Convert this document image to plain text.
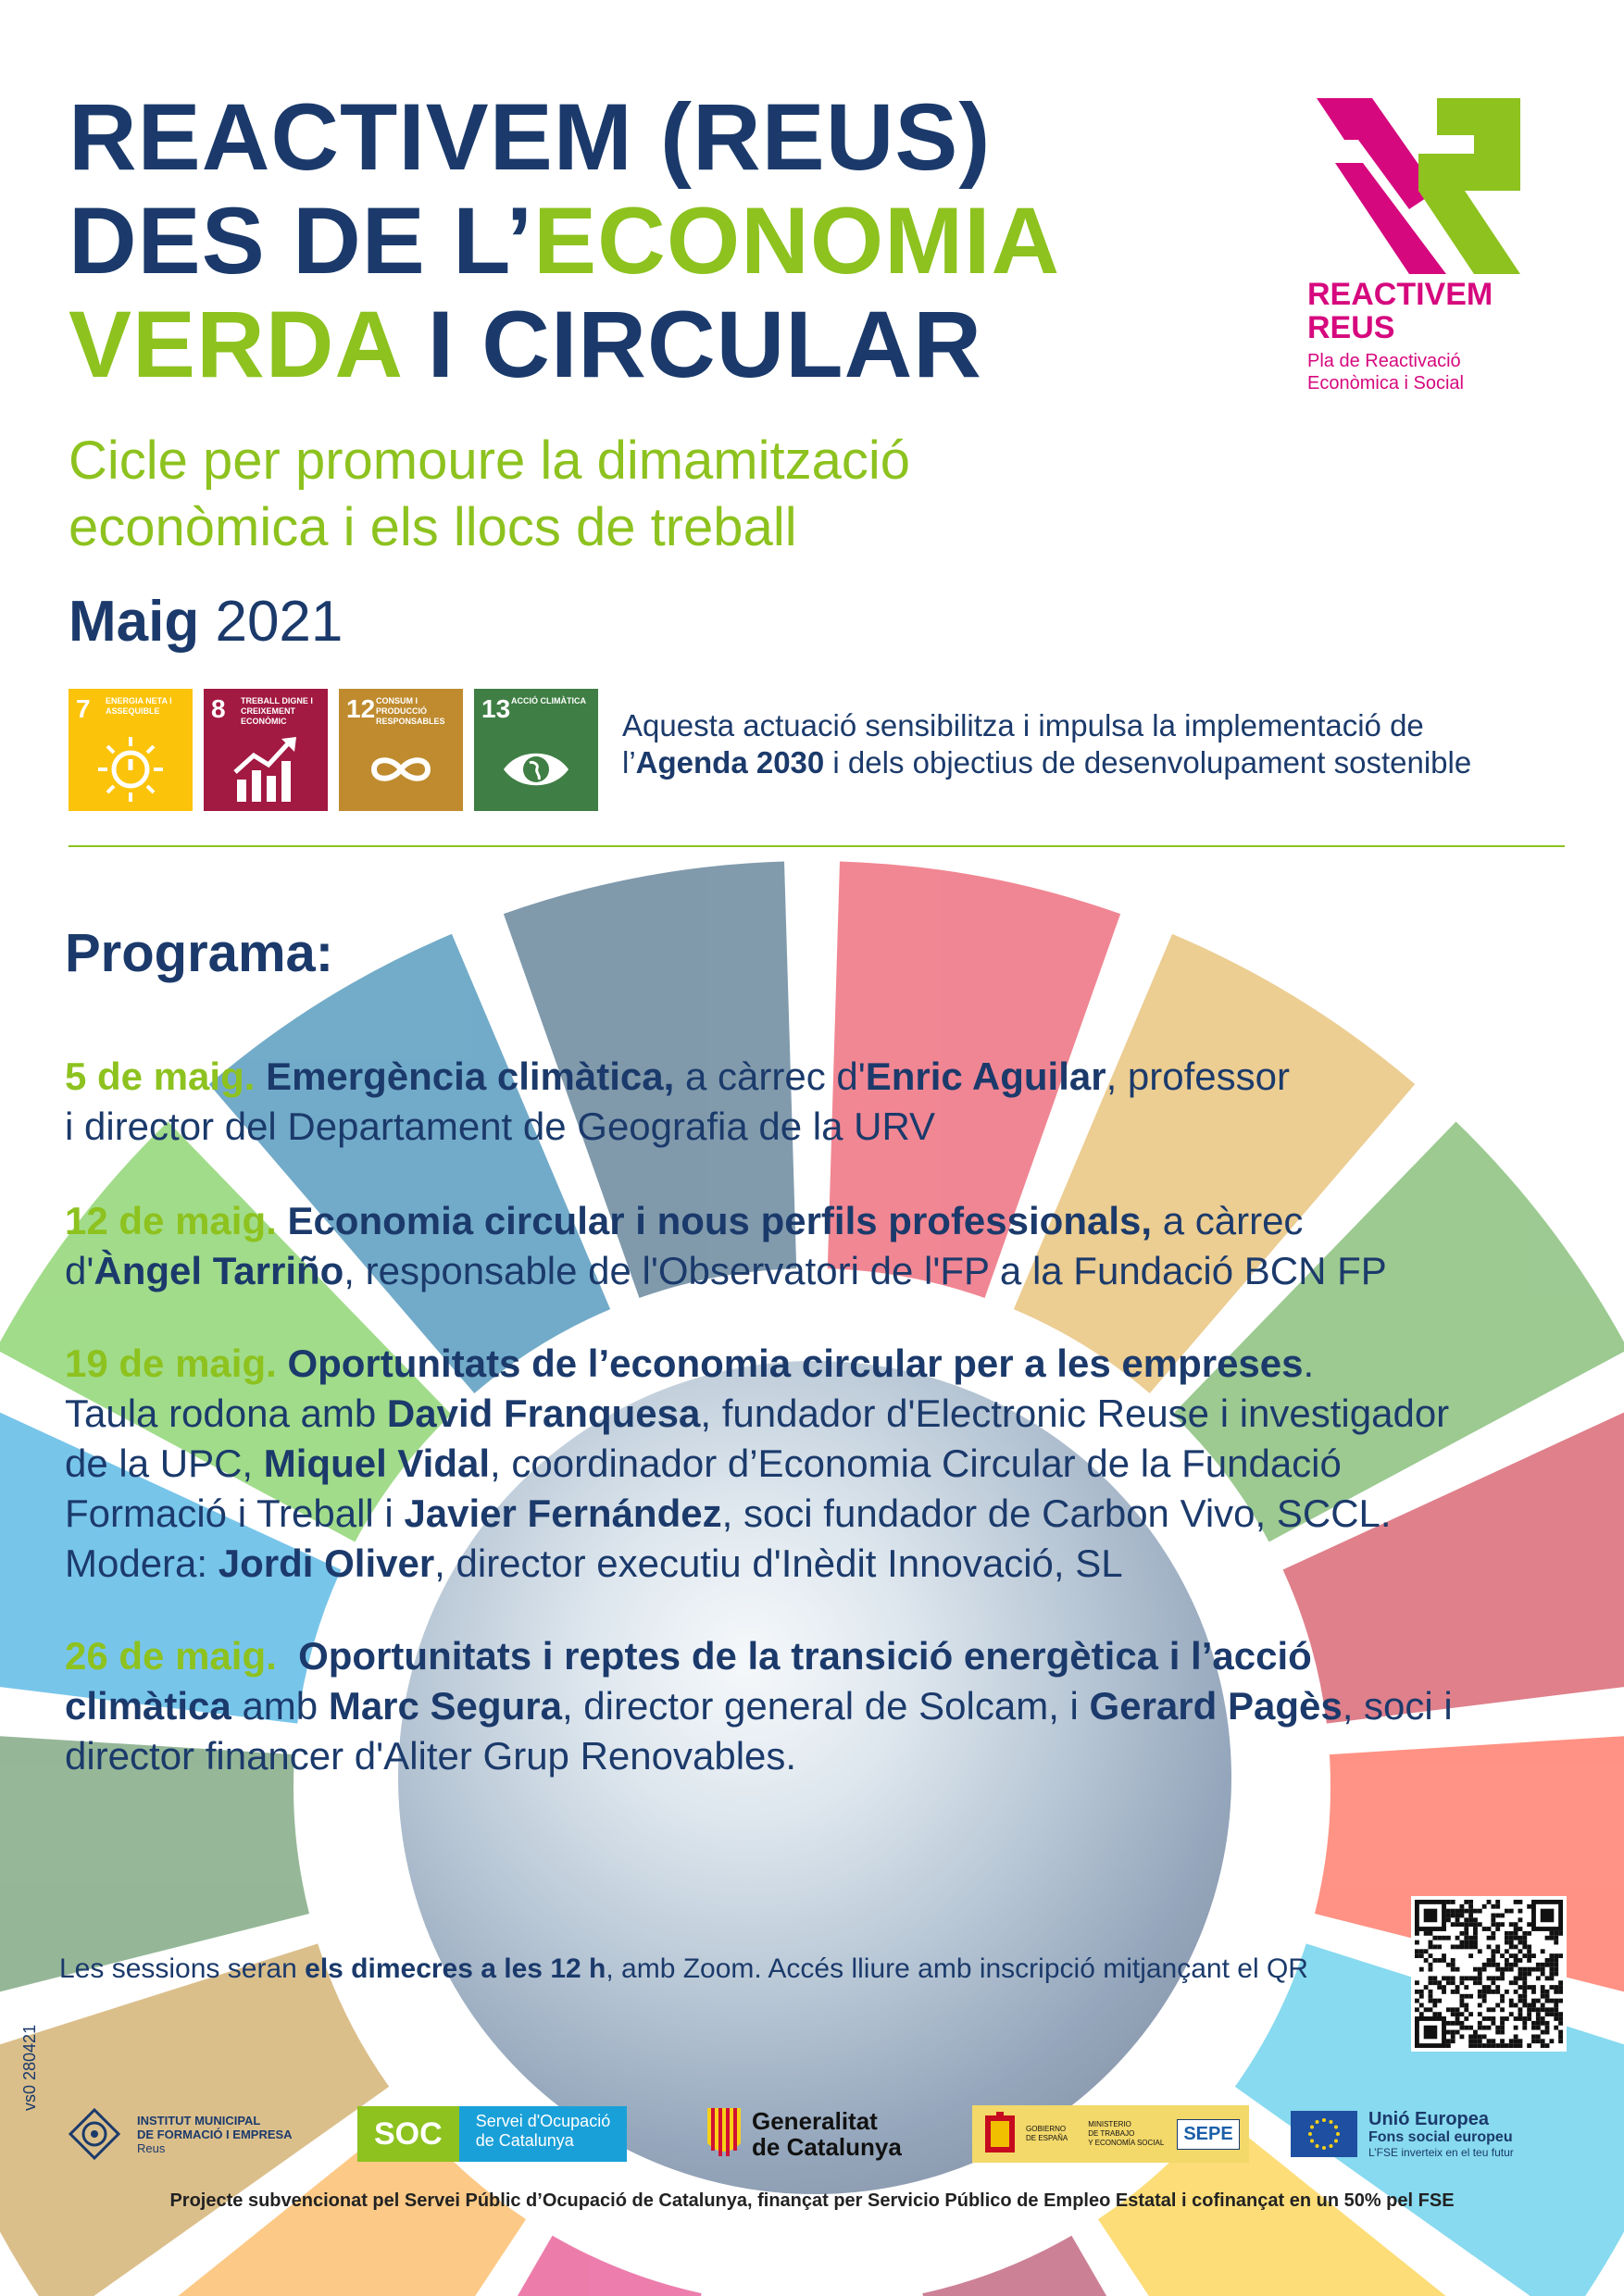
REACTIVEM (REUS)
DES DE L’ECONOMIA
VERDA I CIRCULAR
Cicle per promoure la dimamització
econòmica i els llocs de treball
Maig 2021
REACTIVEM
REUS
Pla de Reactivació
Econòmica i Social
7 ENERGIA NETA I ASSEQUIBLE	8 TREBALL DIGNE I CREIXEMENT ECONÒMIC	12 CONSUM I PRODUCCIÓ RESPONSABLES	13 ACCIÓ CLIMÀTICA
Aquesta actuació sensibilitza i impulsa la implementació de
l’Agenda 2030 i dels objectius de desenvolupament sostenible
Programa:
5 de maig. Emergència climàtica, a càrrec d'Enric Aguilar, professor
i director del Departament de Geografia de la URV
12 de maig. Economia circular i nous perfils professionals, a càrrec
d'Àngel Tarriño, responsable de l'Observatori de l'FP a la Fundació BCN FP
19 de maig. Oportunitats de l’economia circular per a les empreses.
Taula rodona amb David Franquesa, fundador d'Electronic Reuse i investigador
de la UPC, Miquel Vidal, coordinador d’Economia Circular de la Fundació
Formació i Treball i Javier Fernández, soci fundador de Carbon Vivo, SCCL.
Modera: Jordi Oliver, director executiu d'Inèdit Innovació, SL
26 de maig. Oportunitats i reptes de la transició energètica i l’acció
climàtica amb Marc Segura, director general de Solcam, i Gerard Pagès, soci i
director financer d'Aliter Grup Renovables.
Les sessions seran els dimecres a les 12 h, amb Zoom. Accés lliure amb inscripció mitjançant el QR
vs0 280421
INSTITUT MUNICIPAL
DE FORMACIÓ I EMPRESA
Reus	SOC	Servei d'Ocupació
de Catalunya
Generalitat
de Catalunya
GOBIERNO
DE ESPAÑA
MINISTERIO
DE TRABAJO
Y ECONOMÍA SOCIAL	SEPE
Unió Europea
Fons social europeu
L’FSE inverteix en el teu futur
Projecte subvencionat pel Servei Públic d’Ocupació de Catalunya, finançat per Servicio Público de Empleo Estatal i cofinançat en un 50% pel FSE
